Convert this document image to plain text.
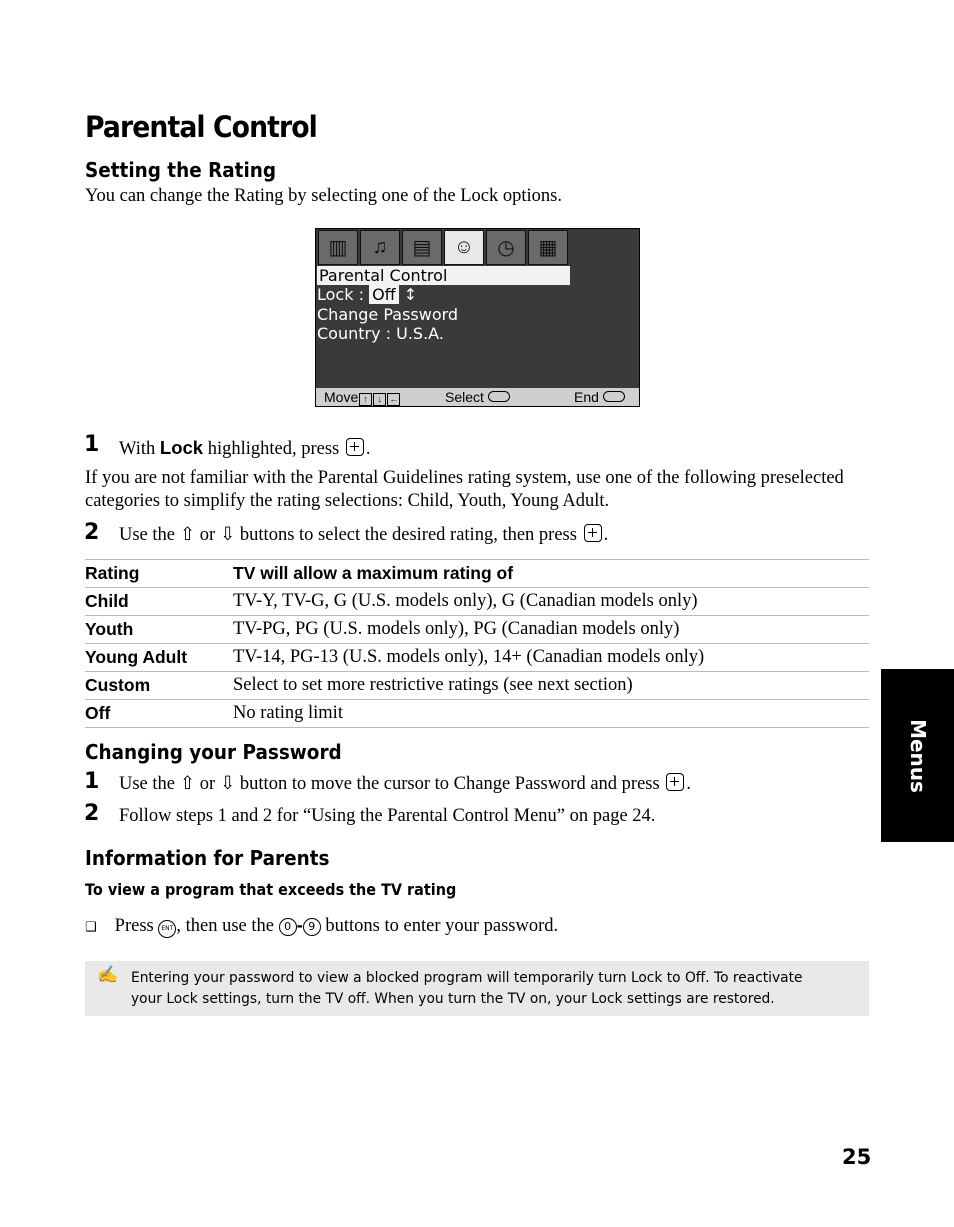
Parental Control
Setting the Rating

You can change the Rating by selecting one of the Lock options.

▥	♫	▤	☺	◷	▦
Parental Control
Lock : Off ↕
Change Password
Country : U.S.A.
Move ↑ ↓ ←	Select	End
1 With Lock highlighted, press .

If you are not familiar with the Parental Guidelines rating system, use one of the following preselected categories to simplify the rating selections: Child, Youth, Young Adult.

2 Use the ⇧ or ⇩ buttons to select the desired rating, then press .
Rating	TV will allow a maximum rating of
Child	TV-Y, TV-G, G (U.S. models only), G (Canadian models only)
Youth	TV-PG, PG (U.S. models only), PG (Canadian models only)
Young Adult	TV-14, PG-13 (U.S. models only), 14+ (Canadian models only)
Custom	Select to set more restrictive ratings (see next section)
Off	No rating limit
Changing your Password
1 Use the ⇧ or ⇩ button to move the cursor to Change Password and press .
2 Follow steps 1 and 2 for “Using the Parental Control Menu” on page 24.
Information for Parents
To view a program that exceeds the TV rating
❑ Press ENT , then use the 0 - 9 buttons to enter your password.
✍ Entering your password to view a blocked program will temporarily turn Lock to Off. To reactivate your Lock settings, turn the TV off. When you turn the TV on, your Lock settings are restored.
Menus
25
